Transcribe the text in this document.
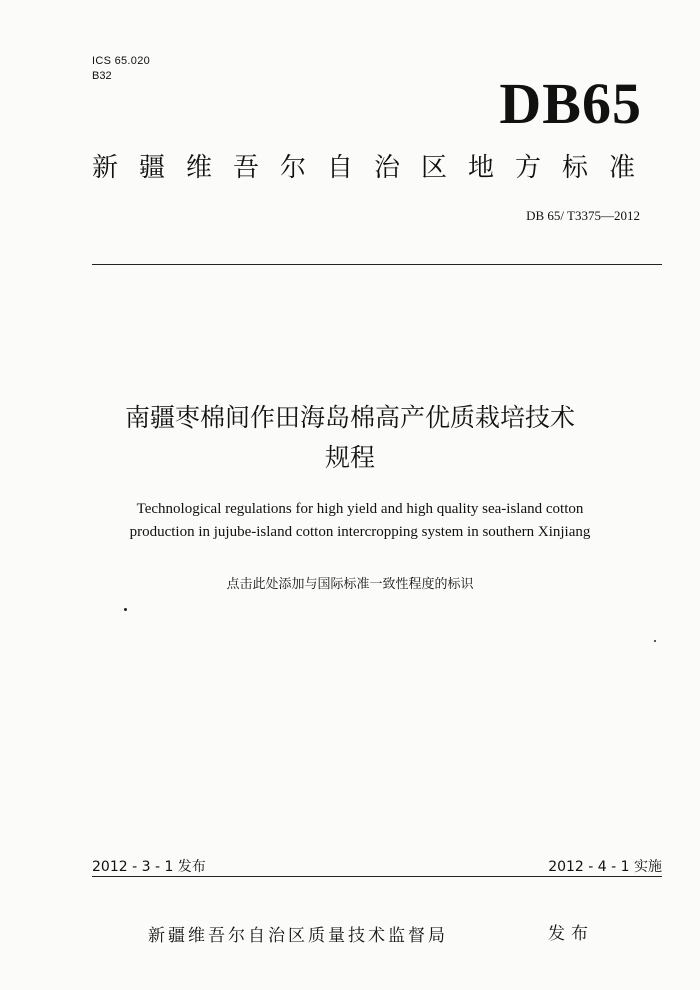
ICS 65.020
B32	DB65
新疆维吾尔自治区地方标准
DB 65/ T3375—2012
南疆枣棉间作田海岛棉高产优质栽培技术
规程
Technological regulations for high yield and high quality sea-island cotton
production in jujube-island cotton intercropping system in southern Xinjiang
点击此处添加与国际标准一致性程度的标识
2012 - 3 - 1 发布	2012 - 4 - 1 实施
新疆维吾尔自治区质量技术监督局	发布
